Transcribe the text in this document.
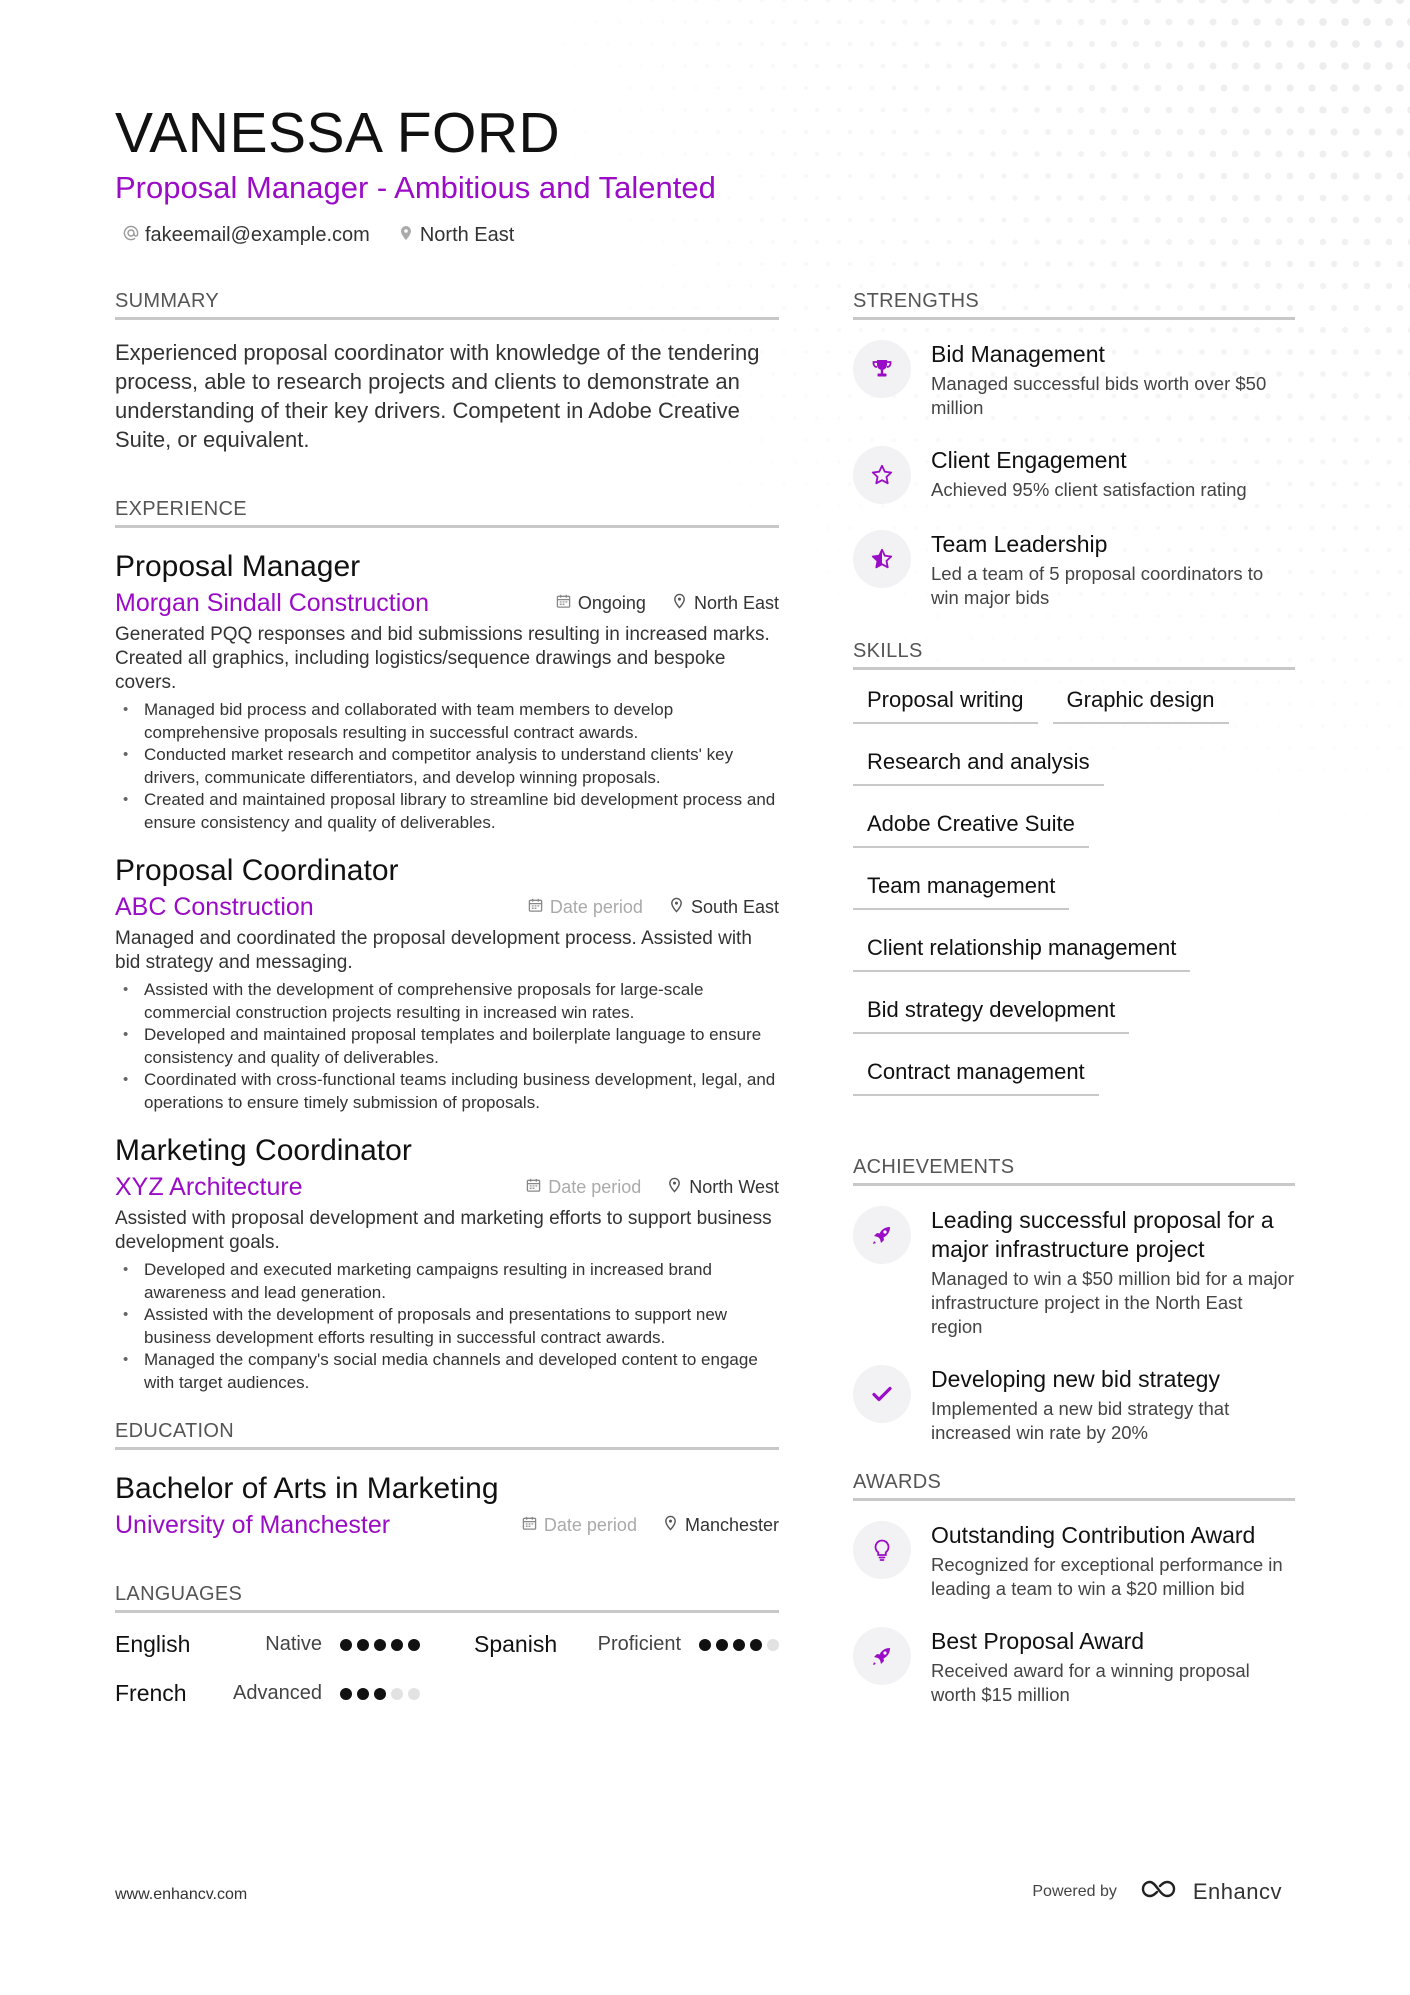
VANESSA FORD
Proposal Manager - Ambitious and Talented
fakeemail@example.com	North East
SUMMARY
Experienced proposal coordinator with knowledge of the tendering process, able to research projects and clients to demonstrate an understanding of their key drivers. Competent in Adobe Creative Suite, or equivalent.
EXPERIENCE
Proposal Manager
Morgan Sindall Construction	Ongoing	North East
Generated PQQ responses and bid submissions resulting in increased marks. Created all graphics, including logistics/sequence drawings and bespoke covers.
• Managed bid process and collaborated with team members to develop comprehensive proposals resulting in successful contract awards.
• Conducted market research and competitor analysis to understand clients' key drivers, communicate differentiators, and develop winning proposals.
• Created and maintained proposal library to streamline bid development process and ensure consistency and quality of deliverables.
Proposal Coordinator
ABC Construction	Date period	South East
Managed and coordinated the proposal development process. Assisted with bid strategy and messaging.
• Assisted with the development of comprehensive proposals for large-scale commercial construction projects resulting in increased win rates.
• Developed and maintained proposal templates and boilerplate language to ensure consistency and quality of deliverables.
• Coordinated with cross-functional teams including business development, legal, and operations to ensure timely submission of proposals.
Marketing Coordinator
XYZ Architecture	Date period	North West
Assisted with proposal development and marketing efforts to support business development goals.
• Developed and executed marketing campaigns resulting in increased brand awareness and lead generation.
• Assisted with the development of proposals and presentations to support new business development efforts resulting in successful contract awards.
• Managed the company's social media channels and developed content to engage with target audiences.
EDUCATION
Bachelor of Arts in Marketing
University of Manchester	Date period	Manchester
LANGUAGES
English	Native	Spanish	Proficient
French	Advanced
STRENGTHS
Bid Management
Managed successful bids worth over $50 million
Client Engagement
Achieved 95% client satisfaction rating
Team Leadership
Led a team of 5 proposal coordinators to win major bids
SKILLS
Proposal writing	Graphic design
Research and analysis
Adobe Creative Suite
Team management
Client relationship management
Bid strategy development
Contract management
ACHIEVEMENTS
Leading successful proposal for a major infrastructure project
Managed to win a $50 million bid for a major infrastructure project in the North East region
Developing new bid strategy
Implemented a new bid strategy that increased win rate by 20%
AWARDS
Outstanding Contribution Award
Recognized for exceptional performance in leading a team to win a $20 million bid
Best Proposal Award
Received award for a winning proposal worth $15 million
www.enhancv.com	Powered by	Enhancv
